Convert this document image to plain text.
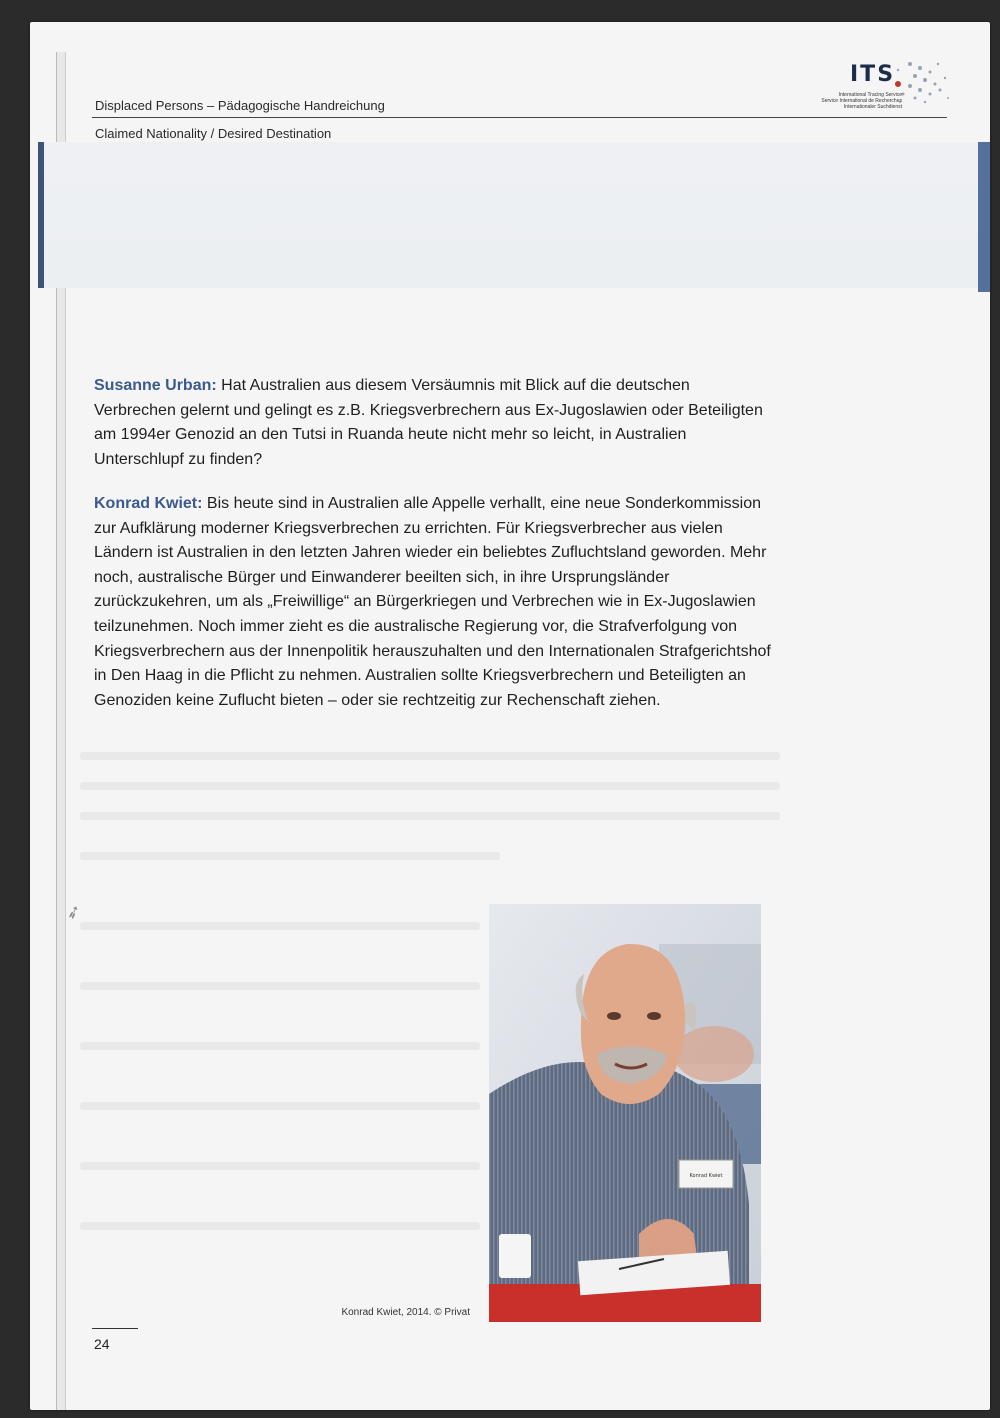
➶
Displaced Persons – Pädagogische Handreichung
Claimed Nationality / Desired Destination
ITS
International Tracing Service
Service International de Recherches
Internationaler Suchdienst

Susanne Urban: Hat Australien aus diesem Versäumnis mit Blick auf die deutschen Verbrechen gelernt und gelingt es z.B. Kriegsverbrechern aus Ex-Jugoslawien oder Beteiligten am 1994er Genozid an den Tutsi in Ruanda heute nicht mehr so leicht, in Australien Unterschlupf zu finden?

Konrad Kwiet: Bis heute sind in Australien alle Appelle verhallt, eine neue Sonderkommission zur Aufklärung moderner Kriegsverbrechen zu errichten. Für Kriegsverbrecher aus vielen Ländern ist Australien in den letzten Jahren wieder ein beliebtes Zufluchtsland geworden. Mehr noch, australische Bürger und Einwanderer beeilten sich, in ihre Ursprungsländer zurückzukehren, um als „Freiwillige“ an Bürgerkriegen und Verbrechen wie in Ex-Jugoslawien teilzunehmen. Noch immer zieht es die australische Regierung vor, die Strafverfolgung von Kriegsverbrechern aus der Innenpolitik herauszuhalten und den Internationalen Strafgerichtshof in Den Haag in die Pflicht zu nehmen. Australien sollte Kriegsverbrechern und Beteiligten an Genoziden keine Zuflucht bieten – oder sie rechtzeitig zur Rechenschaft ziehen.

Konrad Kwiet
Konrad Kwiet, 2014. © Privat
24
